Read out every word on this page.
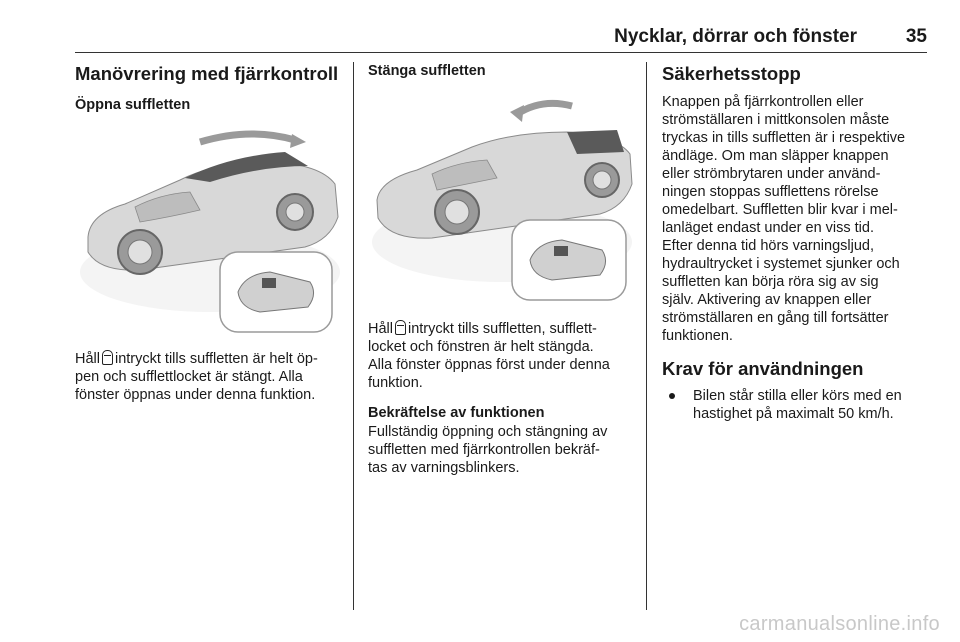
Nycklar, dörrar och fönster	35
Manövrering med fjärrkontroll
Öppna suffletten

Håll intryckt tills suffletten är helt öp-
pen och sufflettlocket är stängt. Alla
fönster öppnas under denna funktion.

Stänga suffletten

Håll intryckt tills suffletten, sufflett-
locket och fönstren är helt stängda.
Alla fönster öppnas först under denna
funktion.

Bekräftelse av funktionen

Fullständig öppning och stängning av
suffletten med fjärrkontrollen bekräf-
tas av varningsblinkers.

Säkerhetsstopp

Knappen på fjärrkontrollen eller
strömställaren i mittkonsolen måste
tryckas in tills suffletten är i respektive
ändläge. Om man släpper knappen
eller strömbrytaren under använd-
ningen stoppas sufflettens rörelse
omedelbart. Suffletten blir kvar i mel-
lanläget endast under en viss tid.
Efter denna tid hörs varningsljud,
hydraultrycket i systemet sjunker och
suffletten kan börja röra sig av sig
själv. Aktivering av knappen eller
strömställaren en gång till fortsätter
funktionen.

Krav för användningen
Bilen står stilla eller körs med en
hastighet på maximalt 50 km/h.
carmanualsonline.info
